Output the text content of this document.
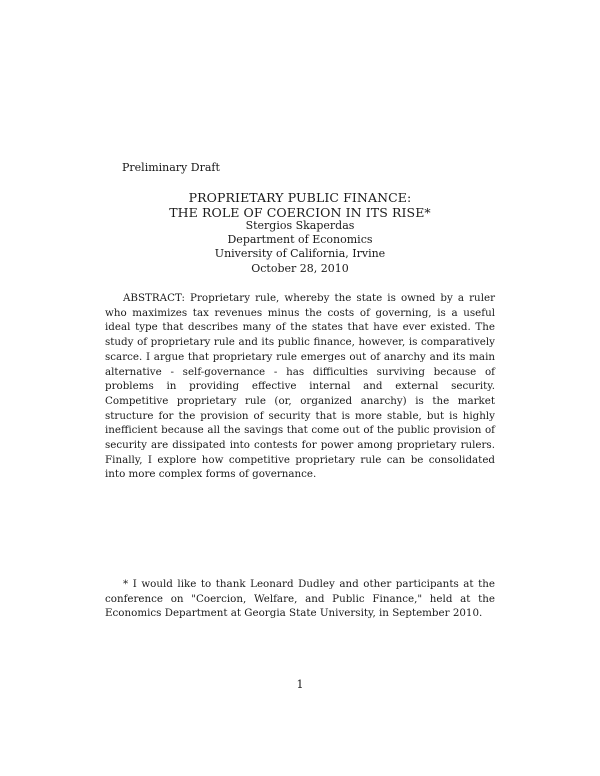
Preliminary Draft
PROPRIETARY PUBLIC FINANCE:
THE ROLE OF COERCION IN ITS RISE*
Stergios Skaperdas
Department of Economics
University of California, Irvine
October 28, 2010

ABSTRACT: Proprietary rule, whereby the state is owned by a ruler who maximizes tax revenues minus the costs of governing, is a useful ideal type that describes many of the states that have ever existed. The study of proprietary rule and its public finance, however, is comparatively scarce. I argue that proprietary rule emerges out of anarchy and its main alternative - self-governance - has difficulties surviving because of problems in providing effective internal and external security. Competitive proprietary rule (or, organized anarchy) is the market structure for the provision of security that is more stable, but is highly inefficient because all the savings that come out of the public provision of security are dissipated into contests for power among proprietary rulers. Finally, I explore how competitive proprietary rule can be consolidated into more complex forms of governance.

* I would like to thank Leonard Dudley and other participants at the conference on "Coercion, Welfare, and Public Finance," held at the Economics Department at Georgia State University, in September 2010.

1
